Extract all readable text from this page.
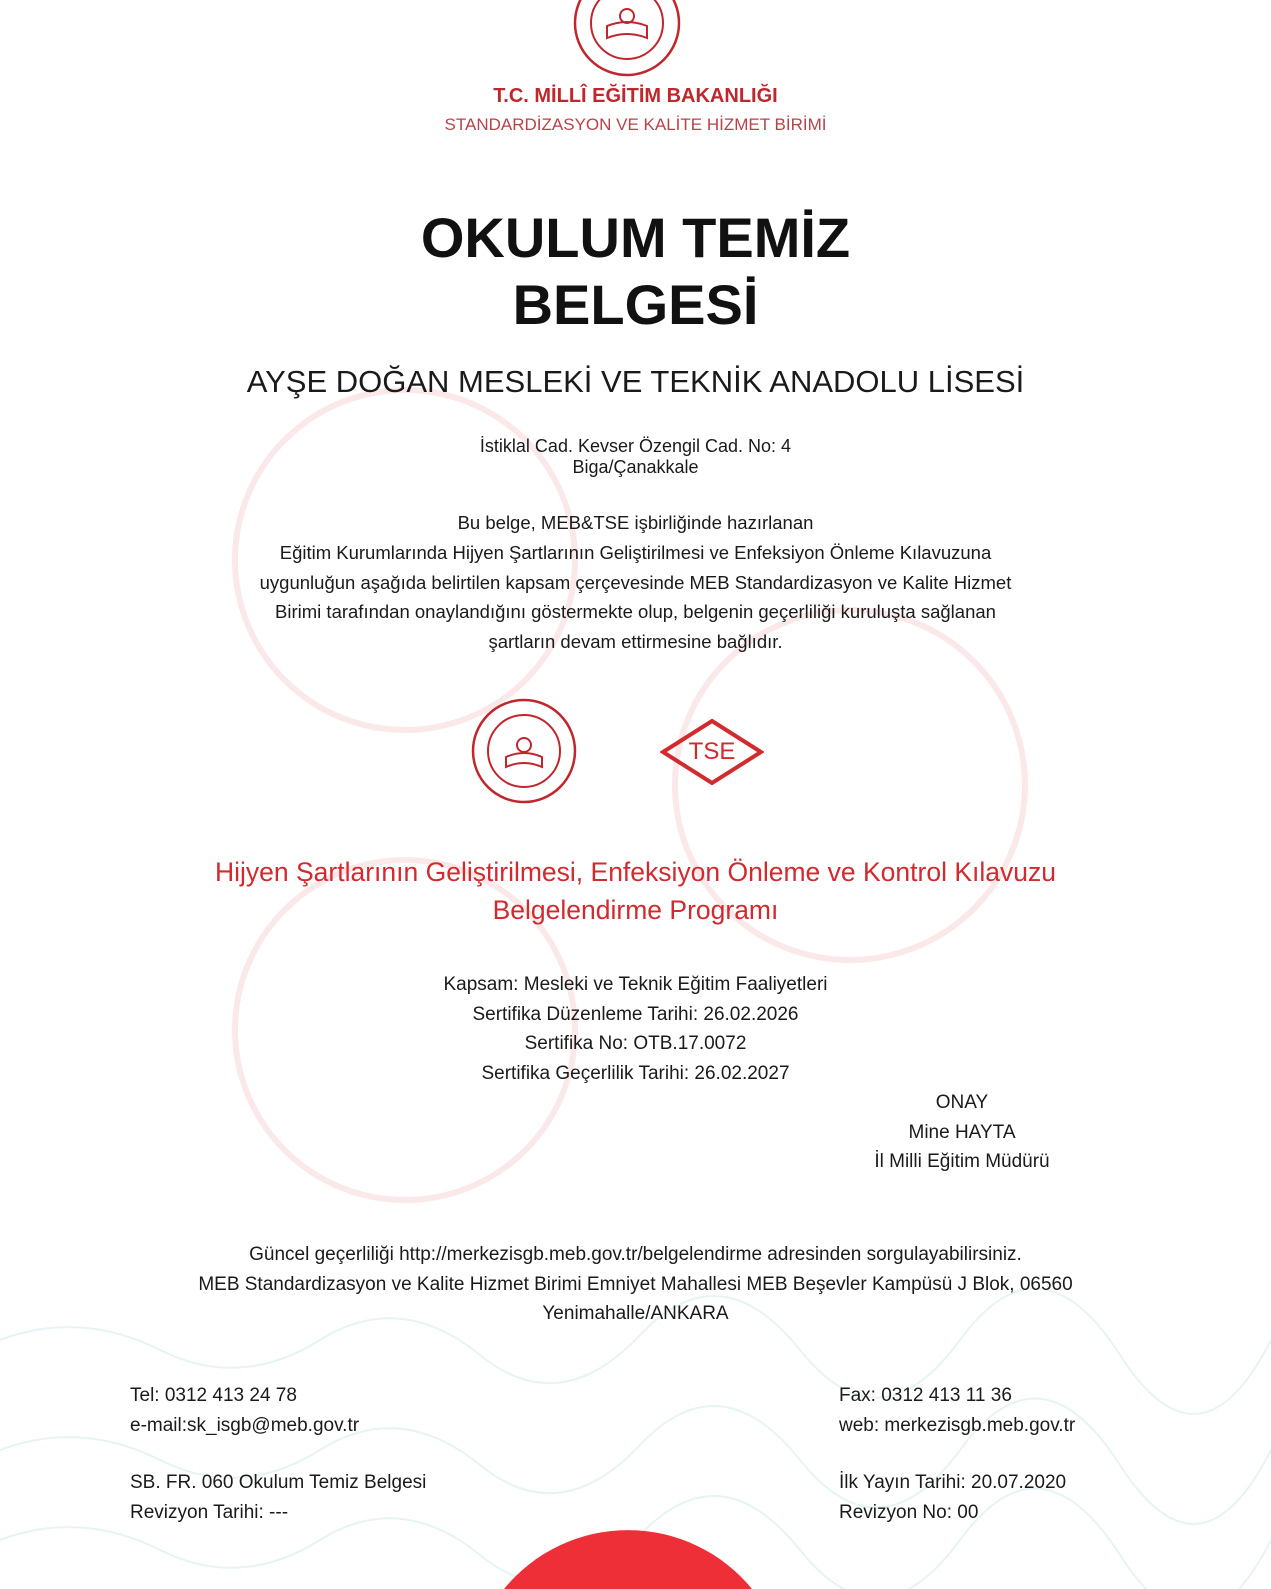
T.C. MİLLÎ EĞİTİM BAKANLIĞI
STANDARDİZASYON VE KALİTE HİZMET BİRİMİ
OKULUM TEMİZ
BELGESİ
AYŞE DOĞAN MESLEKİ VE TEKNİK ANADOLU LİSESİ
İstiklal Cad. Kevser Özengil Cad. No: 4
Biga/Çanakkale
Bu belge, MEB&TSE işbirliğinde hazırlanan
Eğitim Kurumlarında Hijyen Şartlarının Geliştirilmesi ve Enfeksiyon Önleme Kılavuzuna
uygunluğun aşağıda belirtilen kapsam çerçevesinde MEB Standardizasyon ve Kalite Hizmet
Birimi tarafından onaylandığını göstermekte olup, belgenin geçerliliği kuruluşta sağlanan
şartların devam ettirmesine bağlıdır.
TSE
Hijyen Şartlarının Geliştirilmesi, Enfeksiyon Önleme ve Kontrol Kılavuzu
Belgelendirme Programı
Kapsam: Mesleki ve Teknik Eğitim Faaliyetleri
Sertifika Düzenleme Tarihi: 26.02.2026
Sertifika No: OTB.17.0072
Sertifika Geçerlilik Tarihi: 26.02.2027
ONAY
Mine HAYTA
İl Milli Eğitim Müdürü
Güncel geçerliliği http://merkezisgb.meb.gov.tr/belgelendirme adresinden sorgulayabilirsiniz.
MEB Standardizasyon ve Kalite Hizmet Birimi Emniyet Mahallesi MEB Beşevler Kampüsü J Blok, 06560
Yenimahalle/ANKARA
Tel: 0312 413 24 78
e-mail:sk_isgb@meb.gov.tr
SB. FR. 060 Okulum Temiz Belgesi
Revizyon Tarihi: ---
Fax: 0312 413 11 36
web: merkezisgb.meb.gov.tr
İlk Yayın Tarihi: 20.07.2020
Revizyon No: 00
